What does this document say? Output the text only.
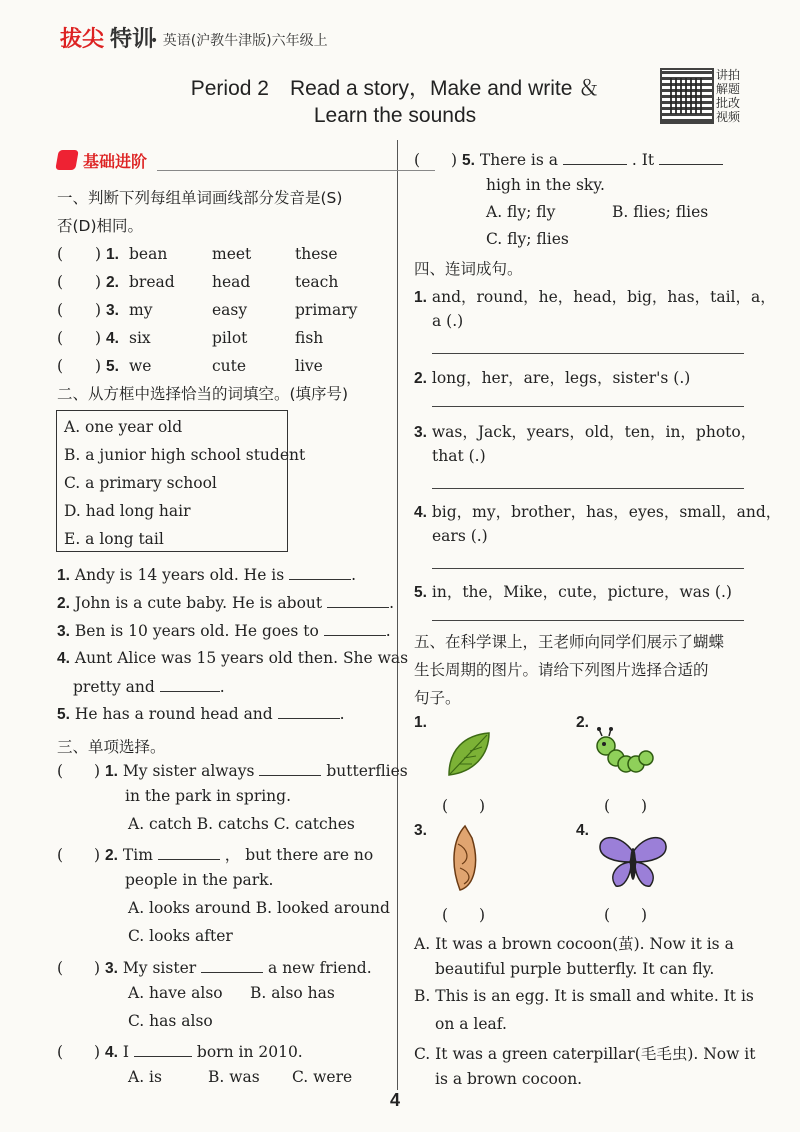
拔尖 特训
• 英语(沪教牛津版)六年级上
Period 2　Read a story，Make and write ＆
Learn the sounds
讲拍解题批改视频
基础进阶
一、判断下列每组单词画线部分发音是(S)
否(D)相同。
( ) 1. bean	meet	these
( ) 2. bread head	teach
( ) 3. my	easy	primary
( ) 4. six	pilot	fish
( ) 5. we	cute	live
二、从方框中选择恰当的词填空。(填序号)
A. one year old
B. a junior high school student
C. a primary school
D. had long hair
E. a long tail
1. Andy is 14 years old. He is	.
2. John is a cute baby. He is about	.
3. Ben is 10 years old. He goes to	.
4. Aunt Alice was 15 years old then. She was
pretty and	.
5. He has a round head and	.
三、单项选择。
(　　) 1. My sister always	butterflies
in the park in spring.
A. catch B. catchs C. catches
(　　) 2. Tim	， but there are no
people in the park.
A. looks around B. looked around
C. looks after
(　　) 3. My sister	a new friend.
A. have also B. also has
C. has also
(　　) 4. I	born in 2010.
A. is	B. was C. were
(　　) 5. There is a	. It
high in the sky.
A. fly; fly	B. flies; flies
C. fly; flies
四、连词成句。
1. and，round，he，head，big，has，tail，a，
a (.)
2. long，her，are，legs，sister's (.)
3. was，Jack，years，old，ten，in，photo，
that (.)
4. big，my，brother，has，eyes，small，and，
ears (.)
5. in，the，Mike，cute，picture，was (.)
五、在科学课上，王老师向同学们展示了蝴蝶
生长周期的图片。请给下列图片选择合适的
句子。
1.	2.
3.	4.
(　　)	(　　)
(　　)	(　　)
A. It was a brown cocoon(茧). Now it is a
beautiful purple butterfly. It can fly.
B. This is an egg. It is small and white. It is
on a leaf.
C. It was a green caterpillar(毛毛虫). Now it
is a brown cocoon.
4
